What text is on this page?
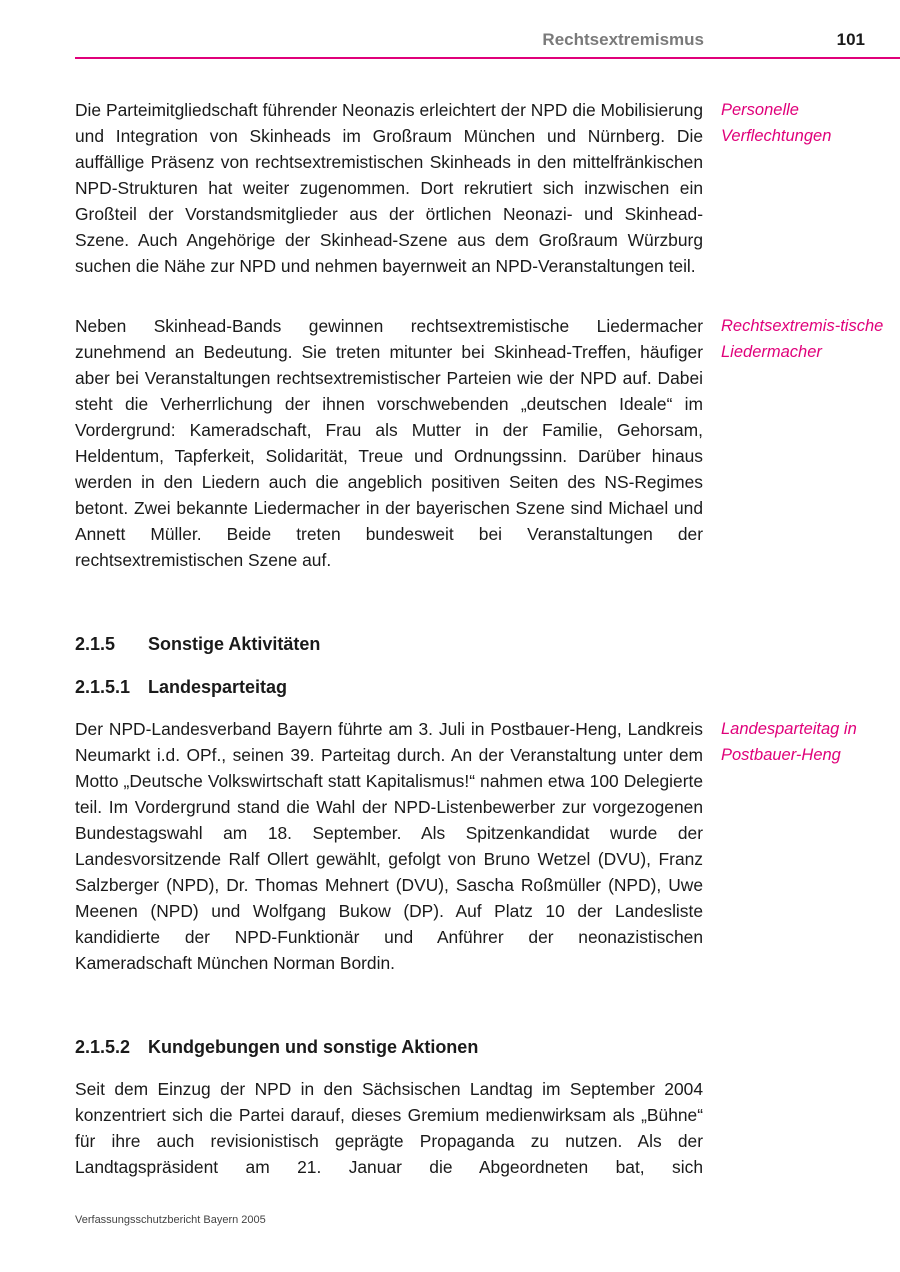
Rechtsextremismus	101

Die Parteimitgliedschaft führender Neonazis erleichtert der NPD die Mobilisierung und Integration von Skinheads im Großraum München und Nürnberg. Die auffällige Präsenz von rechtsextremistischen Skinheads in den mittelfränkischen NPD-Strukturen hat weiter zugenommen. Dort rekrutiert sich inzwischen ein Großteil der Vorstandsmitglieder aus der örtlichen Neonazi- und Skinhead-Szene. Auch Angehörige der Skinhead-Szene aus dem Großraum Würzburg suchen die Nähe zur NPD und nehmen bayernweit an NPD-Veranstaltungen teil.

Neben Skinhead-Bands gewinnen rechtsextremistische Liedermacher zunehmend an Bedeutung. Sie treten mitunter bei Skinhead-Treffen, häufiger aber bei Veranstaltungen rechtsextremistischer Parteien wie der NPD auf. Dabei steht die Verherrlichung der ihnen vorschwebenden „deutschen Ideale“ im Vordergrund: Kameradschaft, Frau als Mutter in der Familie, Gehorsam, Heldentum, Tapferkeit, Solidarität, Treue und Ordnungssinn. Darüber hinaus werden in den Liedern auch die angeblich positiven Seiten des NS-Regimes betont. Zwei bekannte Liedermacher in der bayerischen Szene sind Michael und Annett Müller. Beide treten bundesweit bei Veranstaltungen der rechtsextremistischen Szene auf.

2.1.5 Sonstige Aktivitäten
2.1.5.1 Landesparteitag

Der NPD-Landesverband Bayern führte am 3. Juli in Postbauer-Heng, Landkreis Neumarkt i.d. OPf., seinen 39. Parteitag durch. An der Veranstaltung unter dem Motto „Deutsche Volkswirtschaft statt Kapitalismus!“ nahmen etwa 100 Delegierte teil. Im Vordergrund stand die Wahl der NPD-Listenbewerber zur vorgezogenen Bundestagswahl am 18. September. Als Spitzenkandidat wurde der Landesvorsitzende Ralf Ollert gewählt, gefolgt von Bruno Wetzel (DVU), Franz Salzberger (NPD), Dr. Thomas Mehnert (DVU), Sascha Roßmüller (NPD), Uwe Meenen (NPD) und Wolfgang Bukow (DP). Auf Platz 10 der Landesliste kandidierte der NPD-Funktionär und Anführer der neonazistischen Kameradschaft München Norman Bordin.

2.1.5.2 Kundgebungen und sonstige Aktionen

Seit dem Einzug der NPD in den Sächsischen Landtag im September 2004 konzentriert sich die Partei darauf, dieses Gremium medienwirksam als „Bühne“ für ihre auch revisionistisch geprägte Propaganda zu nutzen. Als der Landtagspräsident am 21. Januar die Abgeordneten bat, sich

Personelle Verflechtungen
Rechtsextremis-tische Liedermacher
Landesparteitag in Postbauer-Heng
Verfassungsschutzbericht Bayern 2005
